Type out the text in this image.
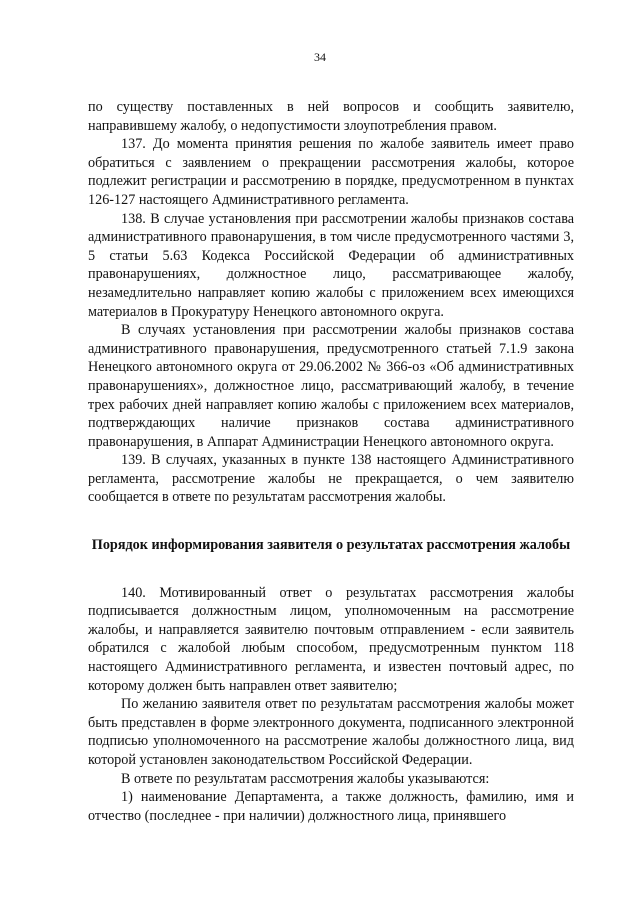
34

по существу поставленных в ней вопросов и сообщить заявителю, направившему жалобу, о недопустимости злоупотребления правом.

137. До момента принятия решения по жалобе заявитель имеет право обратиться с заявлением о прекращении рассмотрения жалобы, которое подлежит регистрации и рассмотрению в порядке, предусмотренном в пунктах 126-127 настоящего Административного регламента.

138. В случае установления при рассмотрении жалобы признаков состава административного правонарушения, в том числе предусмотренного частями 3, 5 статьи 5.63 Кодекса Российской Федерации об административных правонарушениях, должностное лицо, рассматривающее жалобу, незамедлительно направляет копию жалобы с приложением всех имеющихся материалов в Прокуратуру Ненецкого автономного округа.

В случаях установления при рассмотрении жалобы признаков состава административного правонарушения, предусмотренного статьей 7.1.9 закона Ненецкого автономного округа от 29.06.2002 № 366-оз «Об административных правонарушениях», должностное лицо, рассматривающий жалобу, в течение трех рабочих дней направляет копию жалобы с приложением всех материалов, подтверждающих наличие признаков состава административного правонарушения, в Аппарат Администрации Ненецкого автономного округа.

139. В случаях, указанных в пункте 138 настоящего Административного регламента, рассмотрение жалобы не прекращается, о чем заявителю сообщается в ответе по результатам рассмотрения жалобы.

Порядок информирования заявителя о результатах рассмотрения жалобы

140. Мотивированный ответ о результатах рассмотрения жалобы подписывается должностным лицом, уполномоченным на рассмотрение жалобы, и направляется заявителю почтовым отправлением - если заявитель обратился с жалобой любым способом, предусмотренным пунктом 118 настоящего Административного регламента, и известен почтовый адрес, по которому должен быть направлен ответ заявителю;

По желанию заявителя ответ по результатам рассмотрения жалобы может быть представлен в форме электронного документа, подписанного электронной подписью уполномоченного на рассмотрение жалобы должностного лица, вид которой установлен законодательством Российской Федерации.

В ответе по результатам рассмотрения жалобы указываются:

1) наименование Департамента, а также должность, фамилию, имя и отчество (последнее - при наличии) должностного лица, принявшего
